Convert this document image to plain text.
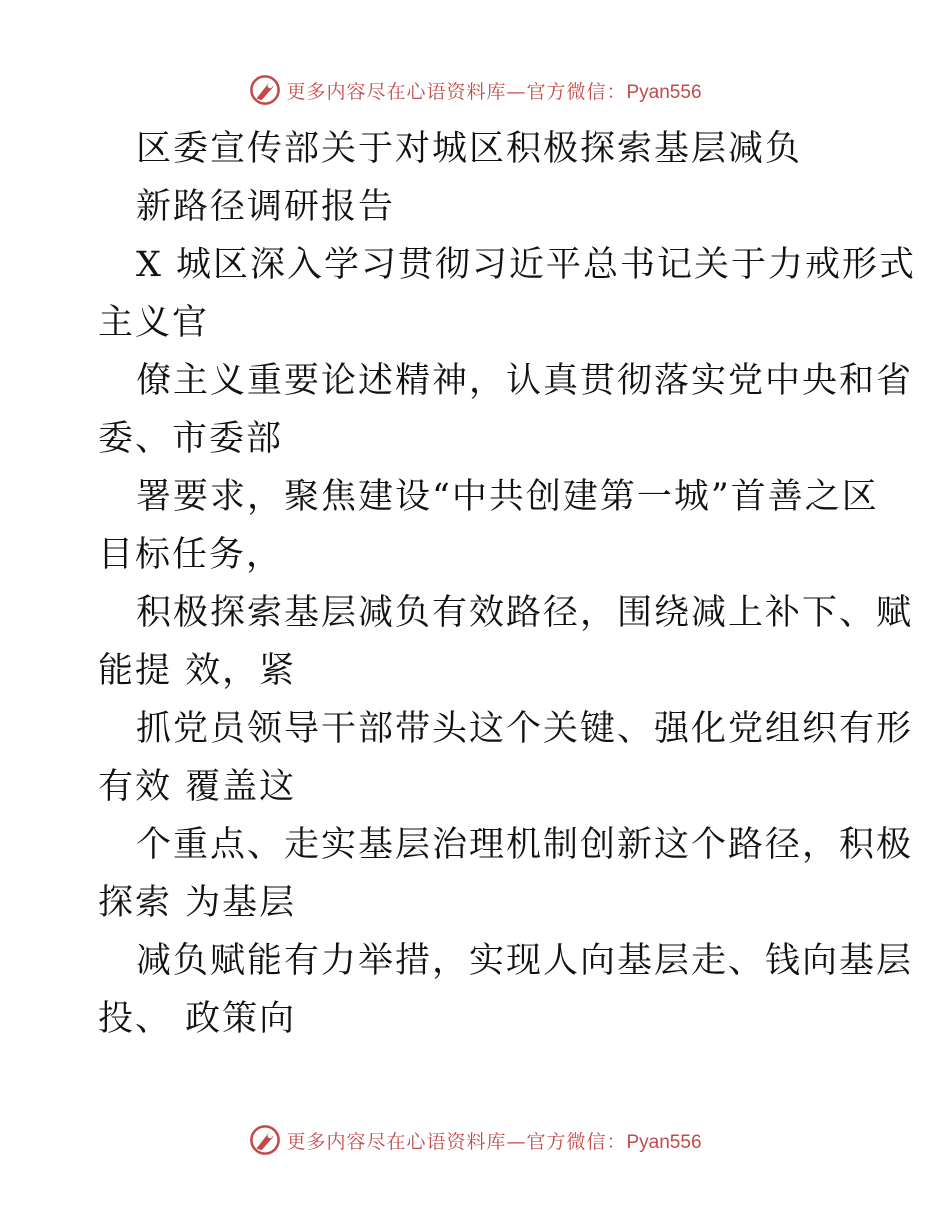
更多内容尽在心语资料库—官方微信：Pyan556
区委宣传部关于对城区积极探索基层减负
新路径调研报告
X 城区深入学习贯彻习近平总书记关于力戒形式
主义官
僚主义重要论述精神，认真贯彻落实党中央和省
委、市委部
署要求，聚焦建设“中共创建第一城”首善之区
目标任务，
积极探索基层减负有效路径，围绕减上补下、赋
能提 效，紧
抓党员领导干部带头这个关键、强化党组织有形
有效 覆盖这
个重点、走实基层治理机制创新这个路径，积极
探索 为基层
减负赋能有力举措，实现人向基层走、钱向基层
投、 政策向
更多内容尽在心语资料库—官方微信：Pyan556
